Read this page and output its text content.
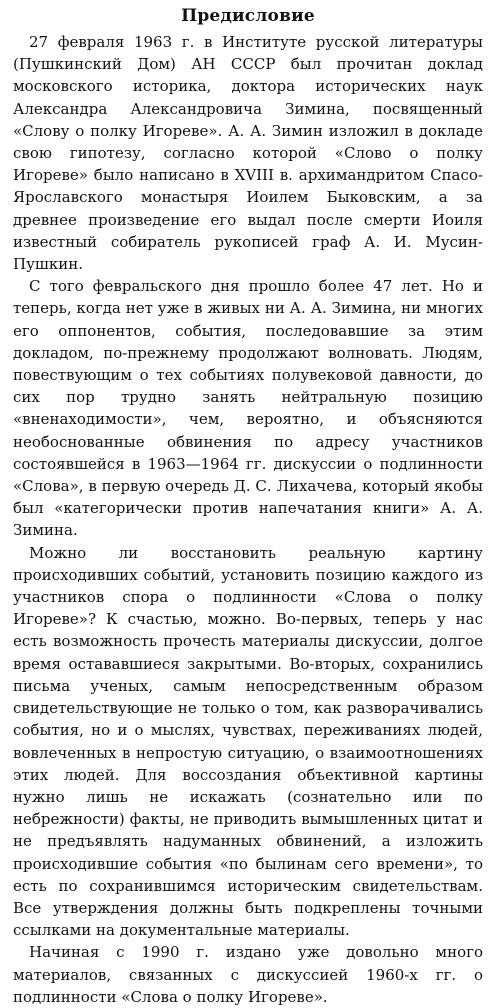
Предисловие

27 февраля 1963 г. в Институте русской литературы (Пушкинский Дом) АН СССР был прочитан доклад московского историка, доктора исторических наук Александра Александровича Зимина, посвященный «Слову о полку Игореве». А. А. Зимин изложил в докладе свою гипотезу, согласно которой «Слово о полку Игореве» было написано в XVIII в. архимандритом Спасо-Ярославского монастыря Иоилем Быковским, а за древнее произведение его выдал после смерти Иоиля известный собиратель рукописей граф А. И. Мусин-Пушкин.

С того февральского дня прошло более 47 лет. Но и теперь, когда нет уже в живых ни А. А. Зимина, ни многих его оппонентов, события, последовавшие за этим докладом, по-прежнему продолжают волновать. Людям, повествующим о тех событиях полувековой давности, до сих пор трудно занять нейтральную позицию «вненаходимости», чем, вероятно, и объясняются необоснованные обвинения по адресу участников состоявшейся в 1963—1964 гг. дискуссии о подлинности «Слова», в первую очередь Д. С. Лихачева, который якобы был «категорически против напечатания книги» А. А. Зимина.

Можно ли восстановить реальную картину происходивших событий, установить позицию каждого из участников спора о подлинности «Слова о полку Игореве»? К счастью, можно. Во-первых, теперь у нас есть возможность прочесть материалы дискуссии, долгое время остававшиеся закрытыми. Во-вторых, сохранились письма ученых, самым непосредственным образом свидетельствующие не только о том, как разворачивались события, но и о мыслях, чувствах, переживаниях людей, вовлеченных в непростую ситуацию, о взаимоотношениях этих людей. Для воссоздания объективной картины нужно лишь не искажать (сознательно или по небрежности) факты, не приводить вымышленных цитат и не предъявлять надуманных обвинений, а изложить происходившие события «по былинам сего времени», то есть по сохранившимся историческим свидетельствам. Все утверждения должны быть подкреплены точными ссылками на документальные материалы.

Начиная с 1990 г. издано уже довольно много материалов, связанных с дискуссией 1960-х гг. о подлинности «Слова о полку Игореве».
